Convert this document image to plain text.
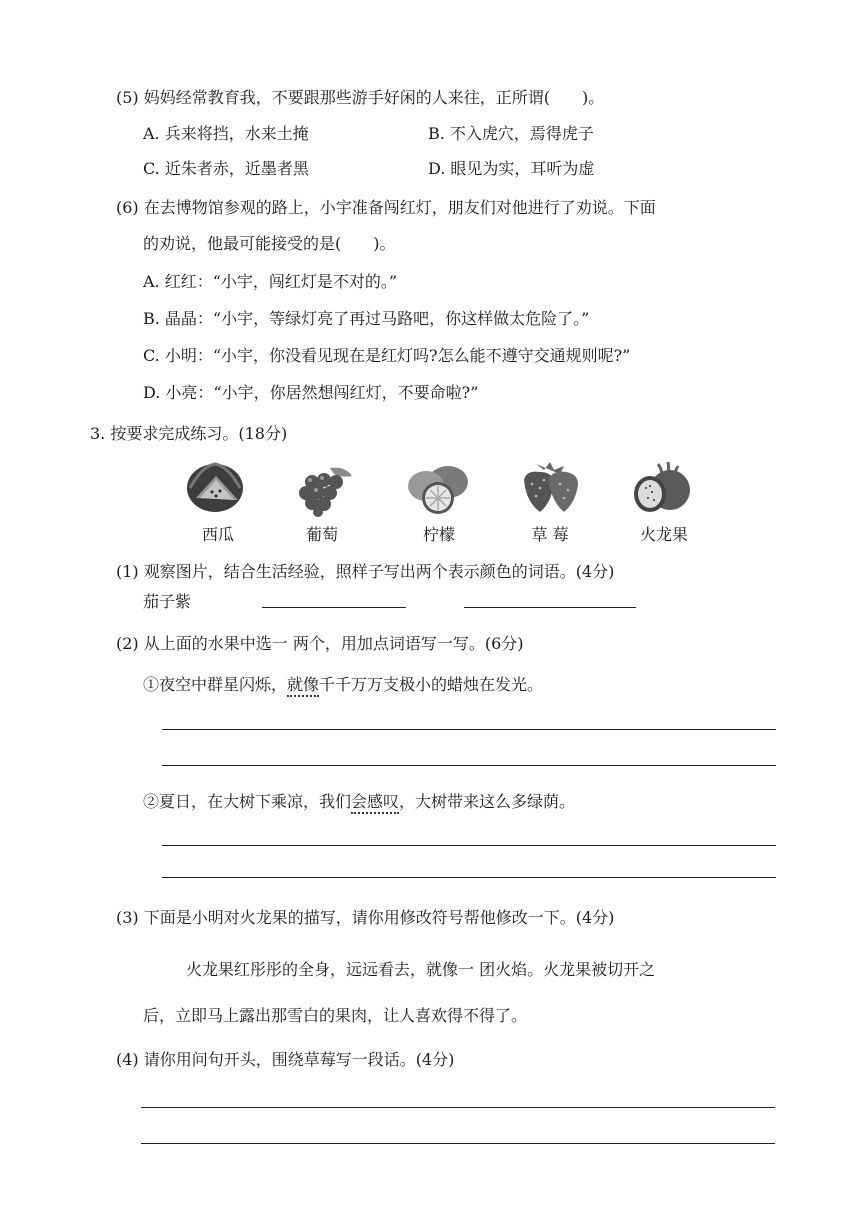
(5) 妈妈经常教育我，不要跟那些游手好闲的人来往，正所谓(　　)。
A. 兵来将挡，水来土掩	B. 不入虎穴，焉得虎子
C. 近朱者赤，近墨者黑	D. 眼见为实，耳听为虚
(6) 在去博物馆参观的路上，小宇准备闯红灯，朋友们对他进行了劝说。下面
的劝说，他最可能接受的是(　　)。
A. 红红：“小宇，闯红灯是不对的。”
B. 晶晶：“小宇，等绿灯亮了再过马路吧，你这样做太危险了。”
C. 小明：“小宇，你没看见现在是红灯吗?怎么能不遵守交通规则呢?”
D. 小亮：“小宇，你居然想闯红灯，不要命啦?”
3. 按要求完成练习。(18分)
西瓜	葡萄	柠檬	草 莓	火龙果
(1) 观察图片，结合生活经验，照样子写出两个表示颜色的词语。(4分)
茄子紫
(2) 从上面的水果中选一 两个，用加点词语写一写。(6分)
①夜空中群星闪烁，就像千千万万支极小的蜡烛在发光。
②夏日，在大树下乘凉，我们会感叹，大树带来这么多绿荫。
(3) 下面是小明对火龙果的描写，请你用修改符号帮他修改一下。(4分)
火龙果红彤彤的全身，远远看去，就像一 团火焰。火龙果被切开之
后，立即马上露出那雪白的果肉，让人喜欢得不得了。
(4) 请你用问句开头，围绕草莓写一段话。(4分)
